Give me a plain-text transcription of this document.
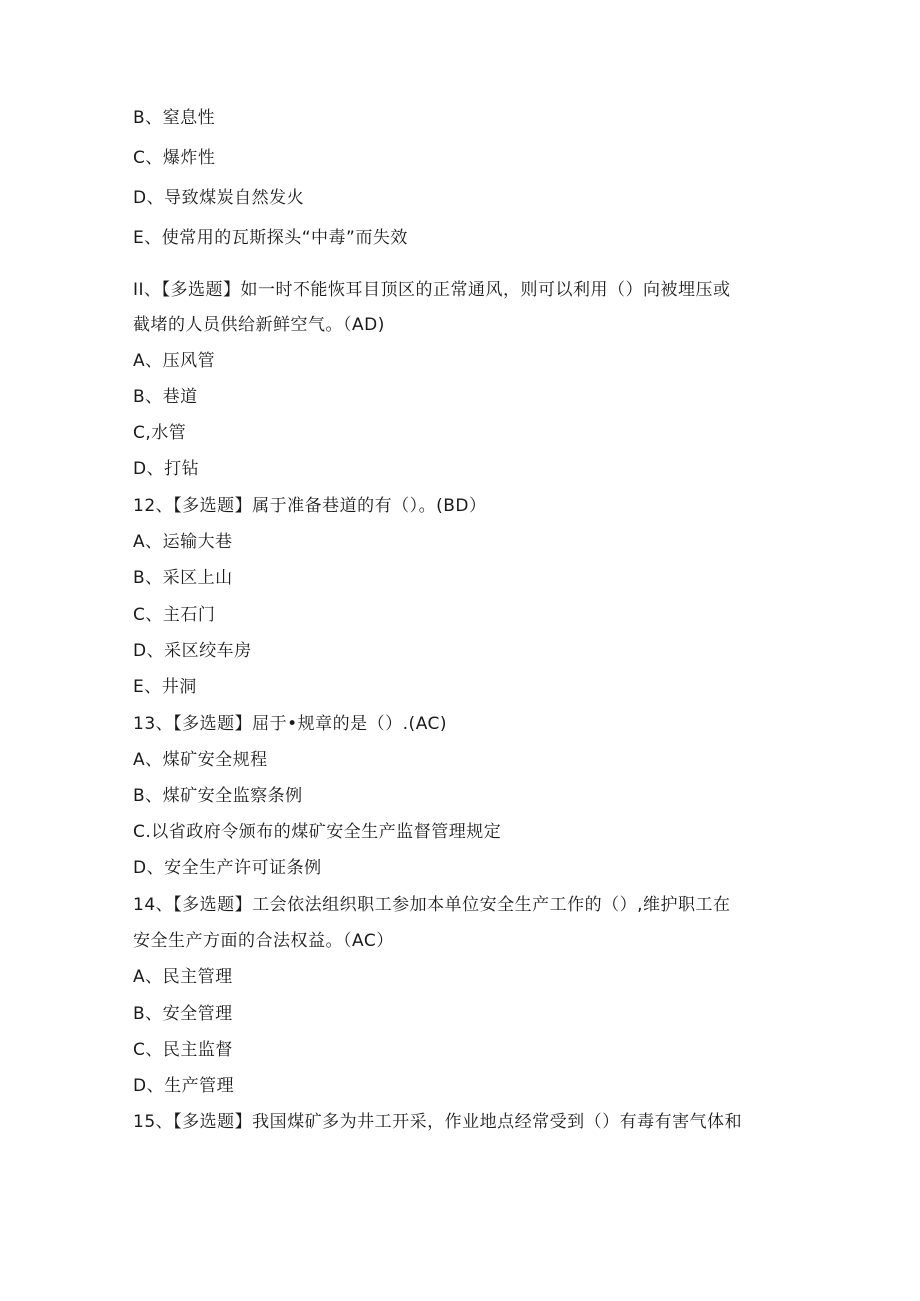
B、窒息性
C、爆炸性
D、导致煤炭自然发火
E、使常用的瓦斯探头“中毒”而失效
II、【多选题】如一时不能恢耳目顶区的正常通风，则可以利用（）向被埋压或
截堵的人员供给新鲜空气。（AD)
A、压风管
B、巷道
C,水管
D、打钻
12、【多选题】属于准备巷道的有（）。(BD）
A、运输大巷
B、采区上山
C、主石门
D、采区绞车房
E、井洞
13、【多选题】屈于•规章的是（）.(AC)
A、煤矿安全规程
B、煤矿安全监察条例
C.以省政府令颁布的煤矿安全生产监督管理规定
D、安全生产许可证条例
14、【多选题】工会依法组织职工参加本单位安全生产工作的（）,维护职工在
安全生产方面的合法权益。（AC）
A、民主管理
B、安全管理
C、民主监督
D、生产管理
15、【多选题】我国煤矿多为井工开采，作业地点经常受到（）有毒有害气体和
